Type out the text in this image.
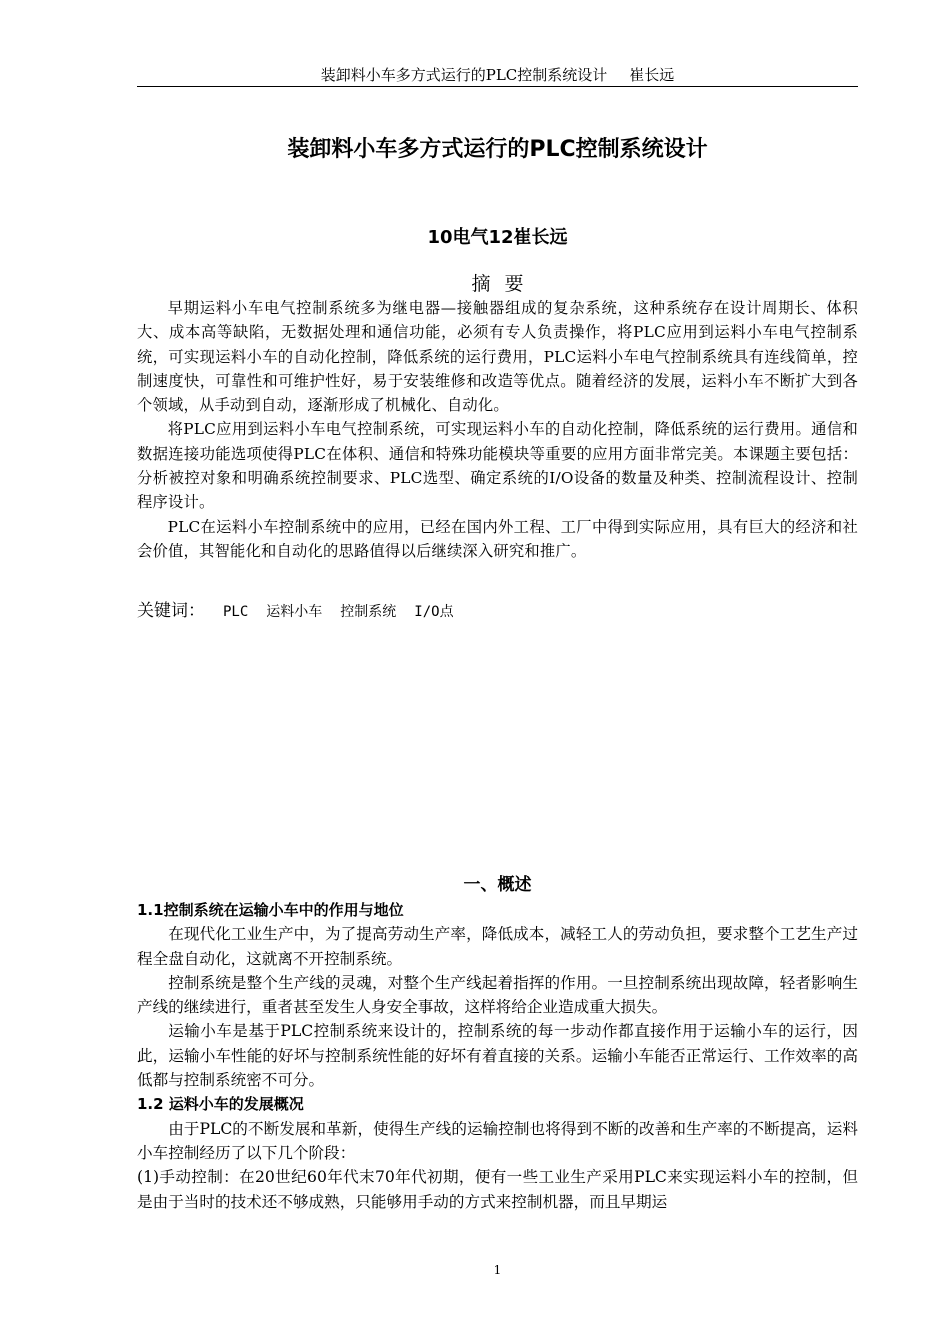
装卸料小车多方式运行的PLC控制系统设计 崔长远
装卸料小车多方式运行的PLC控制系统设计
10电气12崔长远
摘要

早期运料小车电气控制系统多为继电器—接触器组成的复杂系统，这种系统存在设计周期长、体积大、成本高等缺陷，无数据处理和通信功能，必须有专人负责操作，将PLC应用到运料小车电气控制系统，可实现运料小车的自动化控制，降低系统的运行费用，PLC运料小车电气控制系统具有连线简单，控制速度快，可靠性和可维护性好，易于安装维修和改造等优点。随着经济的发展，运料小车不断扩大到各个领域，从手动到自动，逐渐形成了机械化、自动化。

将PLC应用到运料小车电气控制系统，可实现运料小车的自动化控制，降低系统的运行费用。通信和数据连接功能选项使得PLC在体积、通信和特殊功能模块等重要的应用方面非常完美。本课题主要包括：分析被控对象和明确系统控制要求、PLC选型、确定系统的I/O设备的数量及种类、控制流程设计、控制程序设计。

PLC在运料小车控制系统中的应用，已经在国内外工程、工厂中得到实际应用，具有巨大的经济和社会价值，其智能化和自动化的思路值得以后继续深入研究和推广。

关键词： PLC 运料小车 控制系统 I/O点
一、概述

1.1控制系统在运输小车中的作用与地位

在现代化工业生产中，为了提高劳动生产率，降低成本，减轻工人的劳动负担，要求整个工艺生产过程全盘自动化，这就离不开控制系统。

控制系统是整个生产线的灵魂，对整个生产线起着指挥的作用。一旦控制系统出现故障，轻者影响生产线的继续进行，重者甚至发生人身安全事故，这样将给企业造成重大损失。

运输小车是基于PLC控制系统来设计的，控制系统的每一步动作都直接作用于运输小车的运行，因此，运输小车性能的好坏与控制系统性能的好坏有着直接的关系。运输小车能否正常运行、工作效率的高低都与控制系统密不可分。

1.2 运料小车的发展概况

由于PLC的不断发展和革新，使得生产线的运输控制也将得到不断的改善和生产率的不断提高，运料小车控制经历了以下几个阶段：

(1)手动控制：在20世纪60年代末70年代初期，便有一些工业生产采用PLC来实现运料小车的控制，但是由于当时的技术还不够成熟，只能够用手动的方式来控制机器，而且早期运

1
